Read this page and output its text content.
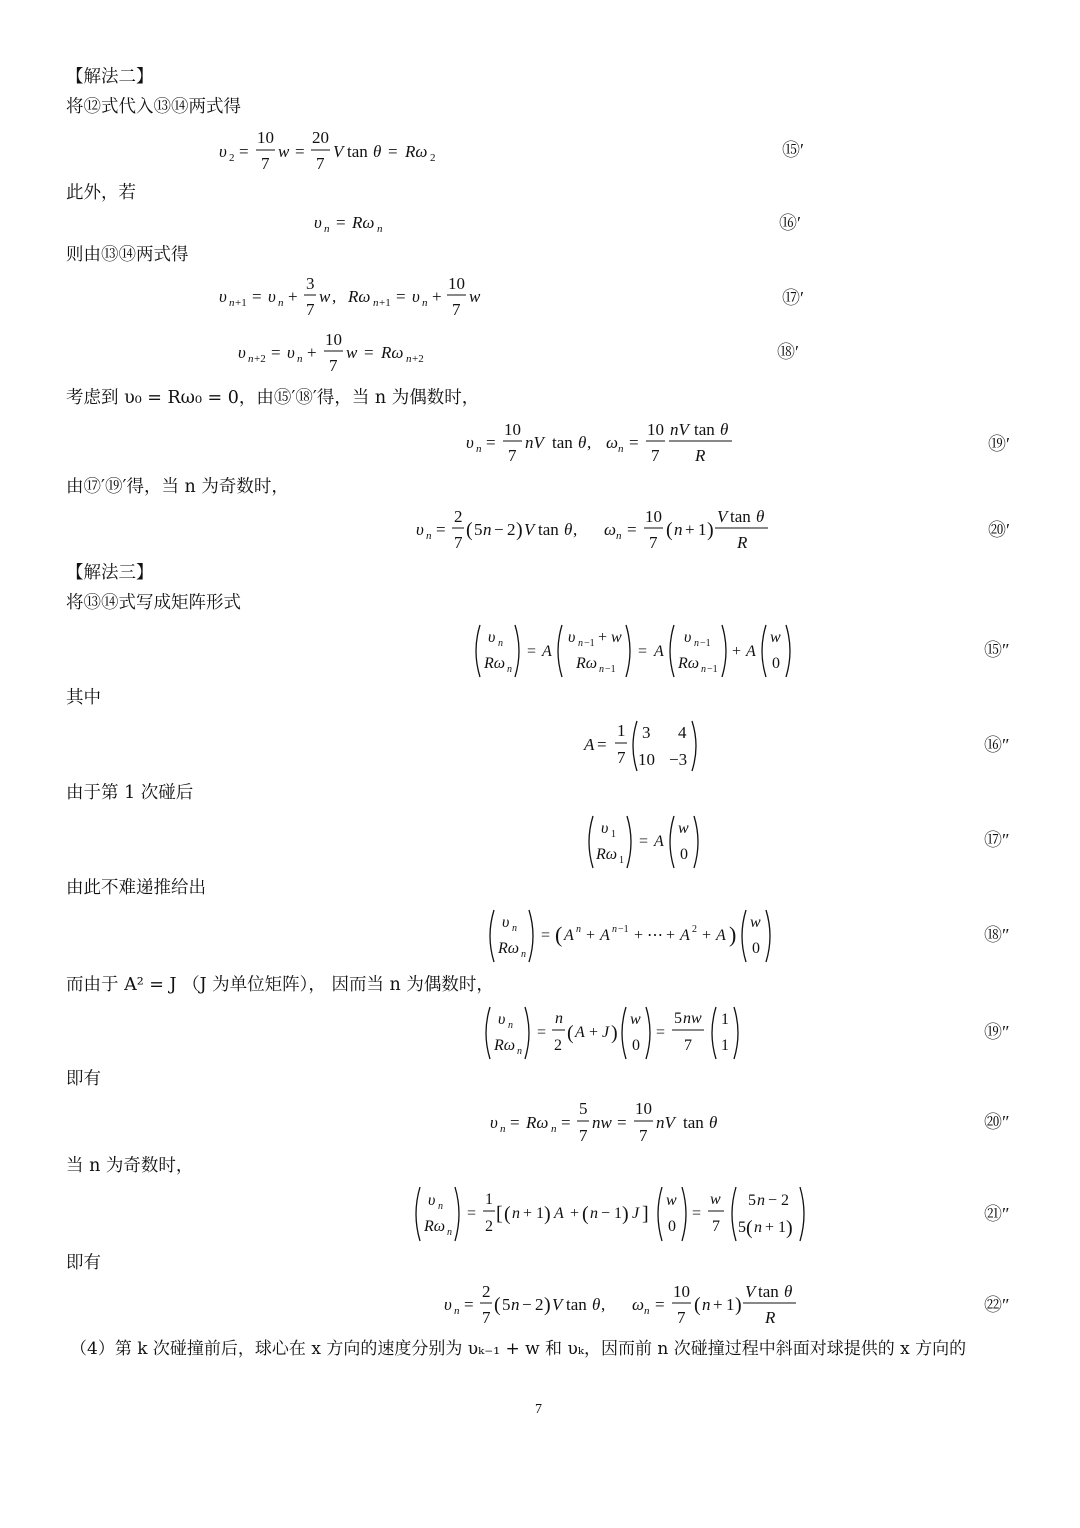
【解法二】
将⑫式代入⑬⑭两式得
υ 2 =
10
7
w =
20
7
V tan θ = Rω 2	⑮′
此外，若
υ n = Rω n	⑯′
则由⑬⑭两式得
υ n +1 = υ n +
3
7
w , Rω n +1 = υ n +
10
7
w	⑰′
υ n +2 = υ n +
10
7
w = Rω n +2	⑱′
考虑到 υ₀ = Rω₀ = 0，由⑮′⑱′得，当 n 为偶数时，
υ n =
10
7
nV tan θ , ω n =
10
7
nV tan θ
R
⑲′
由⑰′⑲′得，当 n 为奇数时，
υ n =
2
7
( 5 n − 2 ) V tan θ , ω n =
10
7
( n + 1 )
V tan θ
R
⑳′
【解法三】
将⑬⑭式写成矩阵形式
υ n
Rω n
= A
υ n −1 + w
Rω n −1
= A
υ n −1
Rω n −1
+ A
w
0
⑮″
其中
A =
1
7
3 4
10 −3
⑯″
由于第 1 次碰后
υ 1
Rω 1
= A
w
0
⑰″
由此不难递推给出
υ n
Rω n
= ( A n + A n −1 + ⋯ + A 2 + A ) w
0
⑱″
而由于 A² = J （J 为单位矩阵）， 因而当 n 为偶数时，
υ n
Rω n
=
n
2
( A + J )
w
0
=
5 nw
7
1
1
⑲″
即有
υ n = Rω n =
5
7
nw =
10
7
nV tan θ	⑳″
当 n 为奇数时，
υ n
Rω n
=
1
2
[ ( n + 1 ) A + ( n − 1 ) J ]
w
0
=
w
7
5 n − 2
5 ( n + 1 )
㉑″
即有
υ n =
2
7
( 5 n − 2 ) V tan θ , ω n =
10
7
( n + 1 )
V tan θ
R
㉒″
（4）第 k 次碰撞前后，球心在 x 方向的速度分别为 υₖ₋₁ + w 和 υₖ，因而前 n 次碰撞过程中斜面对球提供的 x 方向的
7
